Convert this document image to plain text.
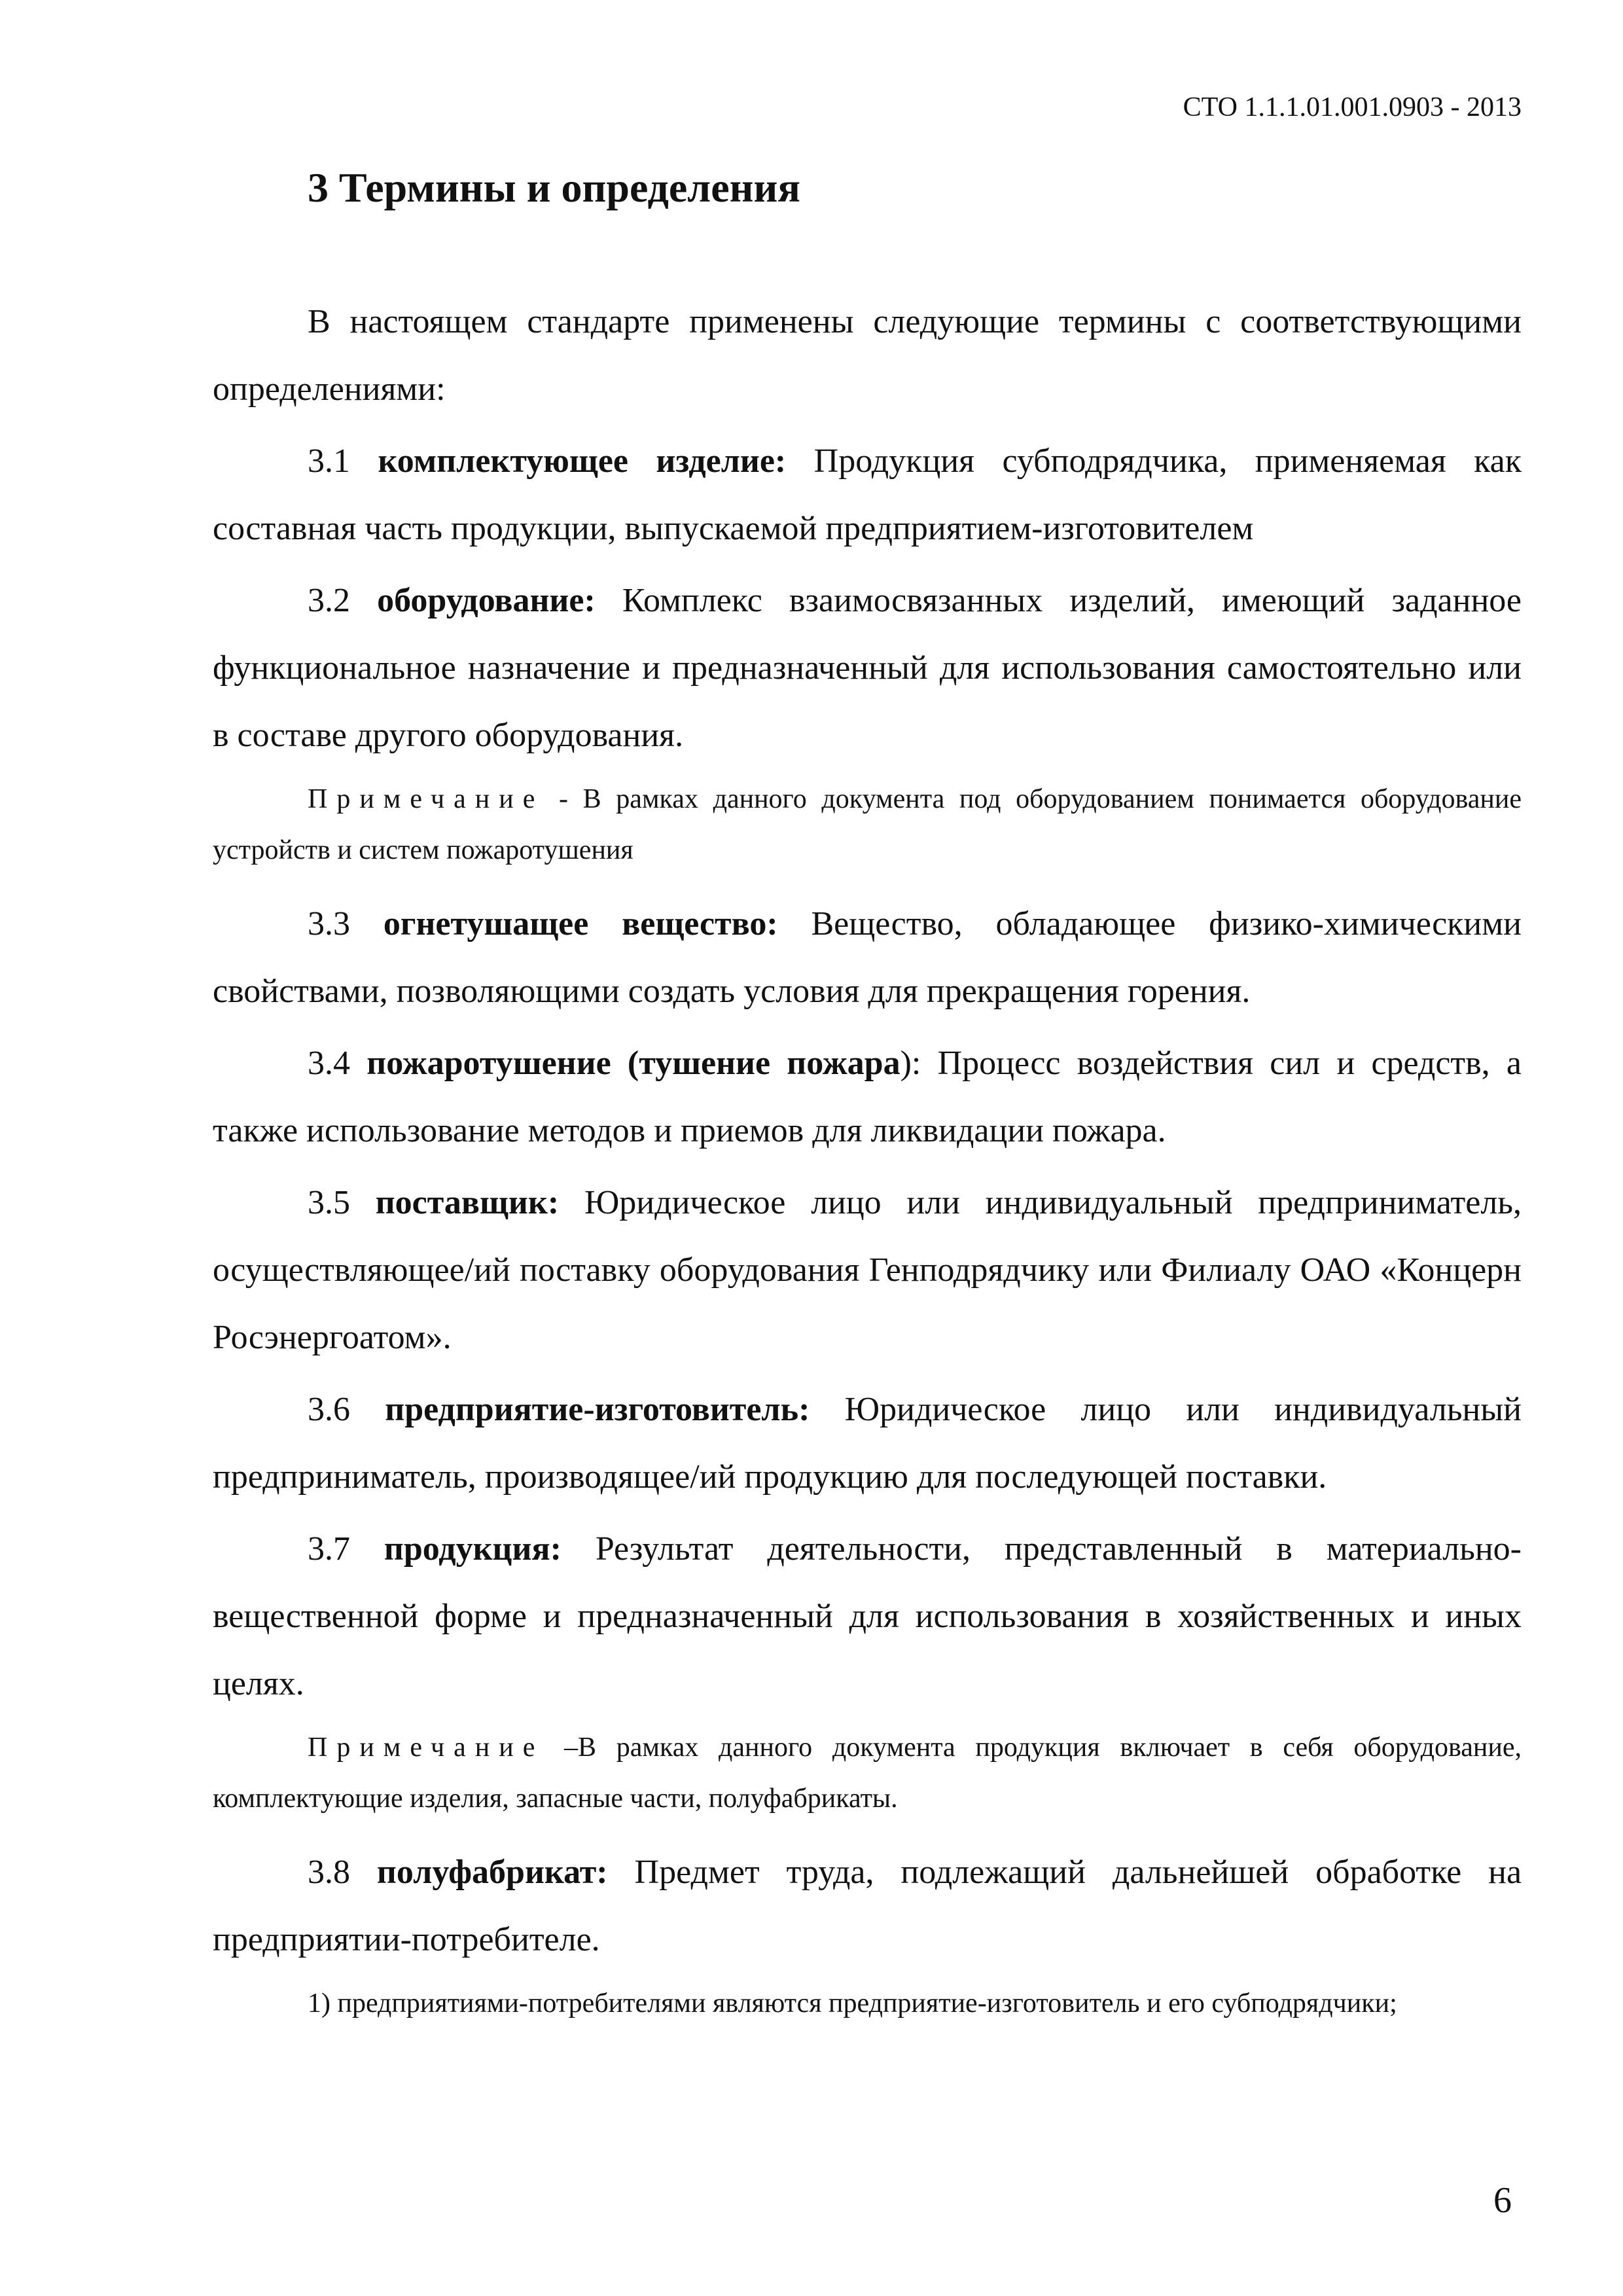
СТО 1.1.1.01.001.0903 - 2013
3 Термины и определения

В настоящем стандарте применены следующие термины с соответствующими определениями:

3.1 комплектующее изделие: Продукция субподрядчика, применяемая как составная часть продукции, выпускаемой предприятием-изготовителем

3.2 оборудование: Комплекс взаимосвязанных изделий, имеющий заданное функциональное назначение и предназначенный для использования самостоятельно или в составе другого оборудования.

Примечание - В рамках данного документа под оборудованием понимается оборудование устройств и систем пожаротушения

3.3 огнетушащее вещество: Вещество, обладающее физико-химическими свойствами, позволяющими создать условия для прекращения горения.

3.4 пожаротушение (тушение пожара): Процесс воздействия сил и средств, а также использование методов и приемов для ликвидации пожара.

3.5 поставщик: Юридическое лицо или индивидуальный предприниматель, осуществляющее/ий поставку оборудования Генподрядчику или Филиалу ОАО «Концерн Росэнергоатом».

3.6 предприятие-изготовитель: Юридическое лицо или индивидуальный предприниматель, производящее/ий продукцию для последующей поставки.

3.7 продукция: Результат деятельности, представленный в материально-вещественной форме и предназначенный для использования в хозяйственных и иных целях.

Примечание –В рамках данного документа продукция включает в себя оборудование, комплектующие изделия, запасные части, полуфабрикаты.

3.8 полуфабрикат: Предмет труда, подлежащий дальнейшей обработке на предприятии-потребителе.

1) предприятиями-потребителями являются предприятие-изготовитель и его субподрядчики;

6
